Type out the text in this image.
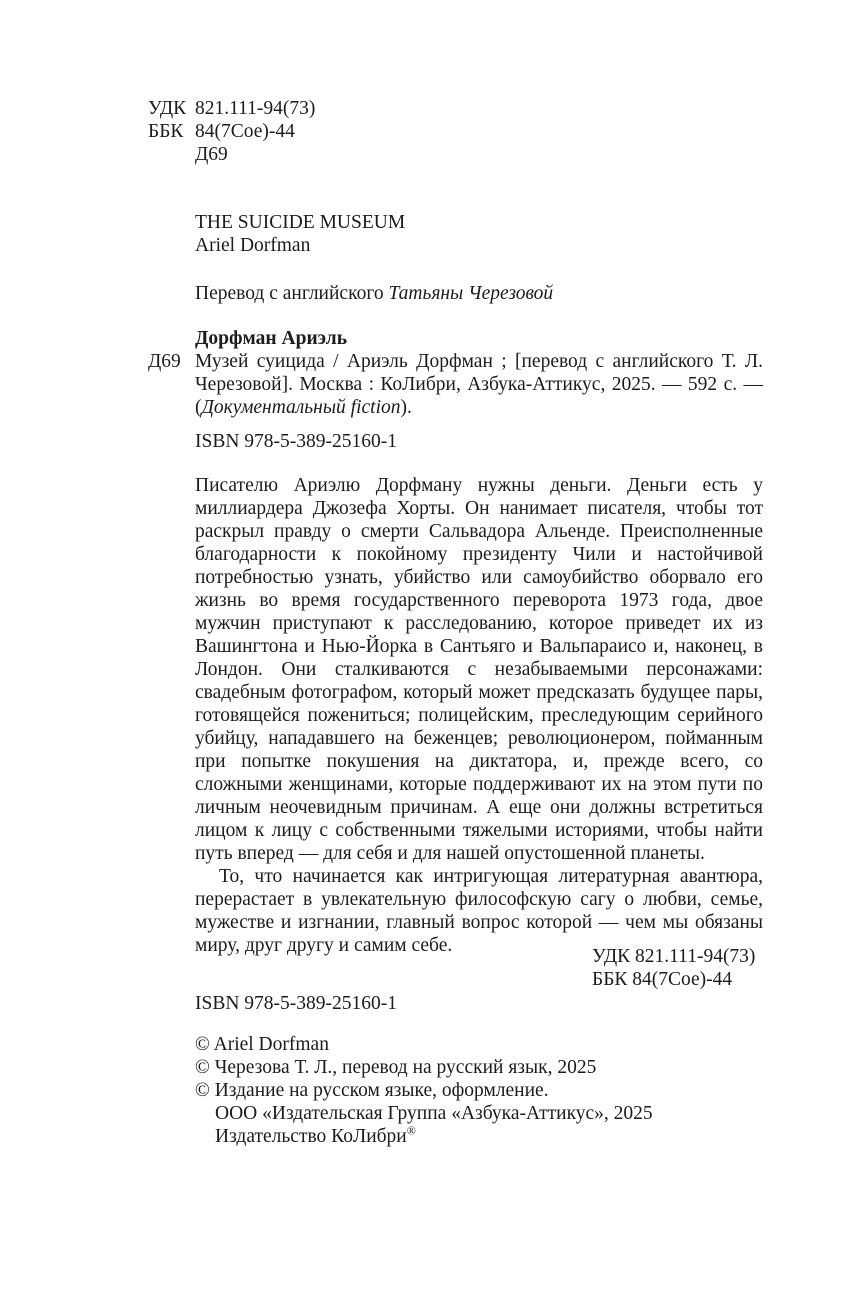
УДК 821.111-94(73)
ББК 84(7Сое)-44
Д69
THE SUICIDE MUSEUM
Ariel Dorfman
Перевод с английского Татьяны Черезовой
Дорфман Ариэль
Д69 Музей суицида / Ариэль Дорфман ; [перевод с английского Т. Л. Черезовой]. Москва : КоЛибри, Азбука-Аттикус, 2025. — 592 с. — (Документальный fiction).
ISBN 978-5-389-25160-1

Писателю Ариэлю Дорфману нужны деньги. Деньги есть у миллиардера Джозефа Хорты. Он нанимает писателя, чтобы тот раскрыл правду о смерти Сальвадора Альенде. Преисполненные благодарности к покойному президенту Чили и настойчивой потребностью узнать, убийство или самоубийство оборвало его жизнь во время государственного переворота 1973 года, двое мужчин приступают к расследованию, которое приведет их из Вашингтона и Нью-Йорка в Сантьяго и Вальпараисо и, наконец, в Лондон. Они сталкиваются с незабываемыми персонажами: свадебным фотографом, который может предсказать будущее пары, готовящейся пожениться; полицейским, преследующим серийного убийцу, нападавшего на беженцев; революционером, пойманным при попытке покушения на диктатора, и, прежде всего, со сложными женщинами, которые поддерживают их на этом пути по личным неочевидным причинам. А еще они должны встретиться лицом к лицу с собственными тяжелыми историями, чтобы найти путь вперед — для себя и для нашей опустошенной планеты.

То, что начинается как интригующая литературная авантюра, перерастает в увлекательную философскую сагу о любви, семье, мужестве и изгнании, главный вопрос которой — чем мы обязаны миру, друг другу и самим себе.

УДК 821.111-94(73)
ББК 84(7Сое)-44
ISBN 978-5-389-25160-1
© Ariel Dorfman
© Черезова Т. Л., перевод на русский язык, 2025
© Издание на русском языке, оформление.
ООО «Издательская Группа «Азбука-Аттикус», 2025
Издательство КоЛибри®
